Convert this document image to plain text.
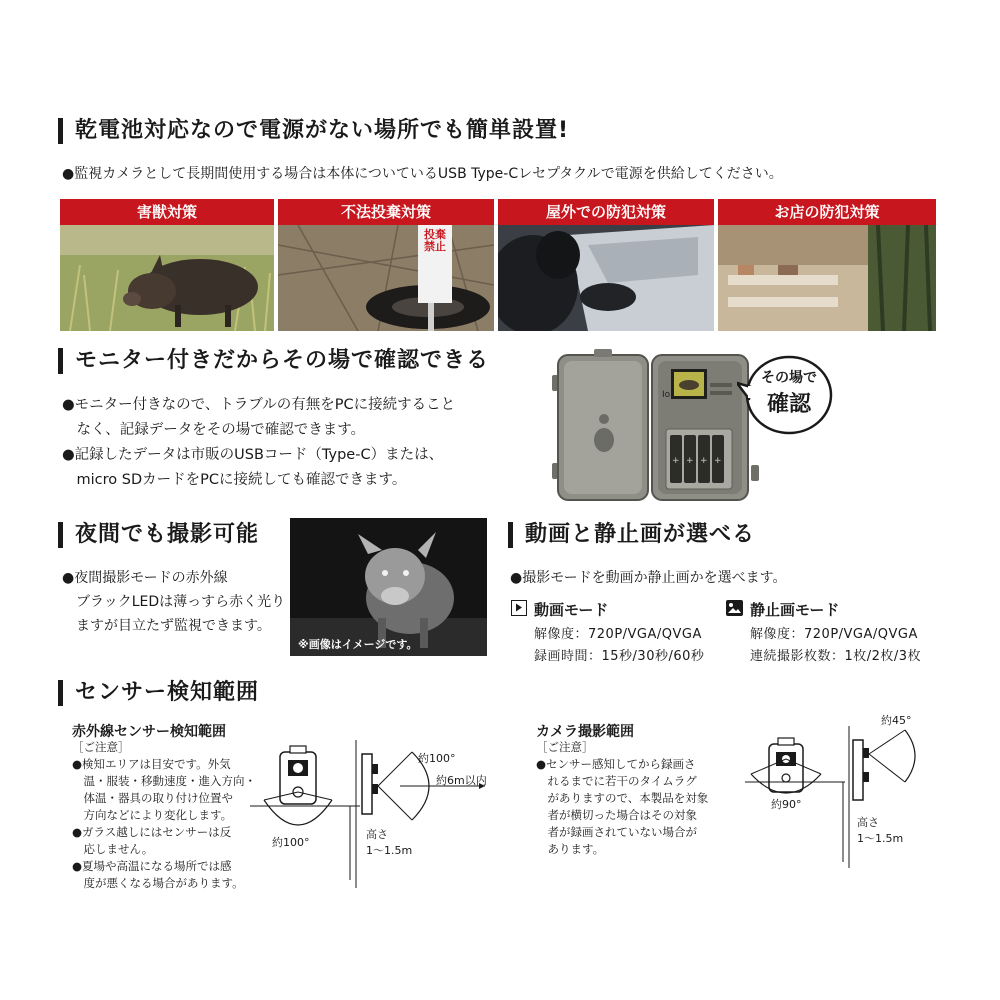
乾電池対応なので電源がない場所でも簡単設置!
●監視カメラとして長期間使用する場合は本体についているUSB Type-Cレセプタクルで電源を供給してください。
害獣対策	不法投棄対策
投棄禁止
屋外での防犯対策	お店の防犯対策
モニター付きだからその場で確認できる
●モニター付きなので、トラブルの有無をPCに接続すること
　なく、記録データをその場で確認できます。
●記録したデータは市販のUSBコード（Type-C）または、
　micro SDカードをPCに接続しても確認できます。
Io
+ + + +
その場で
確認
夜間でも撮影可能
●夜間撮影モードの赤外線
　ブラックLEDは薄っすら赤く光り
　ますが目立たず監視できます。
※画像はイメージです。
動画と静止画が選べる
●撮影モードを動画か静止画かを選べます。
動画モード
解像度：720P/VGA/QVGA
録画時間：15秒/30秒/60秒
静止画モード
解像度：720P/VGA/QVGA
連続撮影枚数：1枚/2枚/3枚
センサー検知範囲
赤外線センサー検知範囲
［ご注意］
●検知エリアは目安です。外気
　温・服装・移動速度・進入方向・
　体温・器具の取り付け位置や
　方向などにより変化します。
●ガラス越しにはセンサーは反
　応しません。
●夏場や高温になる場所では感
　度が悪くなる場合があります。
約100°
約100°
約6m以内
高さ
1～1.5m
カメラ撮影範囲
［ご注意］
●センサー感知してから録画さ
　れるまでに若干のタイムラグ
　がありますので、本製品を対象
　者が横切った場合はその対象
　者が録画されていない場合が
　あります。
約45°
約90°
高さ
1～1.5m
